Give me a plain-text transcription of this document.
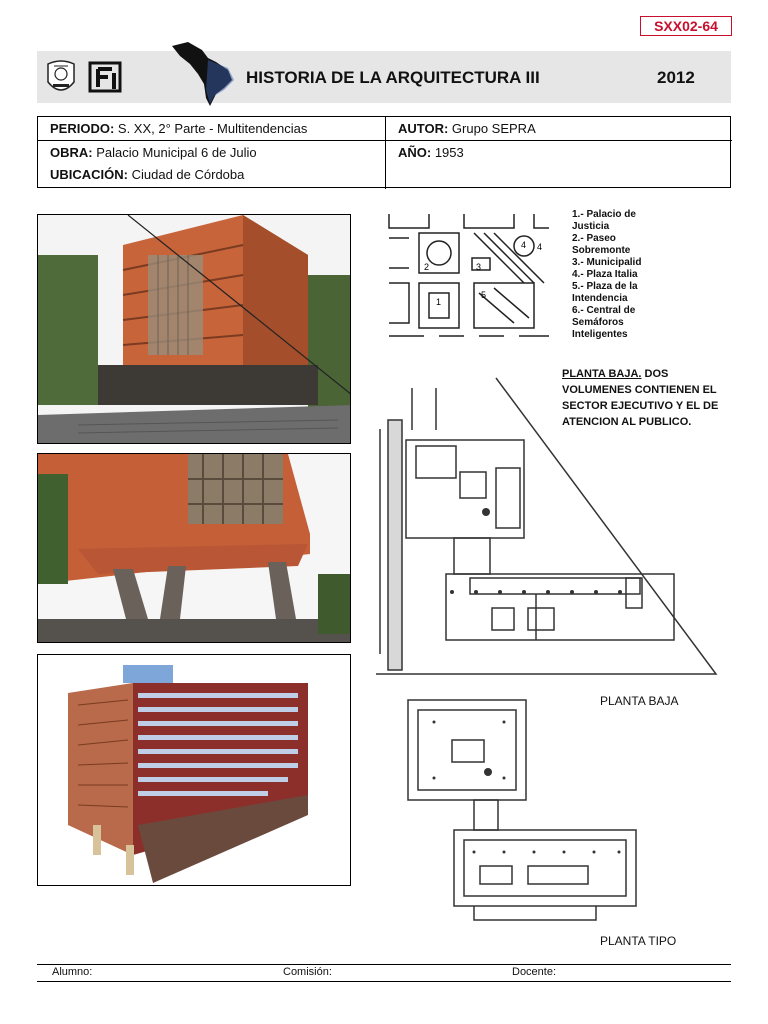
SXX02-64
HISTORIA DE LA ARQUITECTURA III	2012
PERIODO: S. XX, 2° Parte - Multitendencias	AUTOR: Grupo SEPRA
OBRA: Palacio Municipal 6 de Julio	AÑO: 1953
UBICACIÓN: Ciudad de Córdoba
2	3
4 4
1
5
1.- Palacio de
Justicia
2.- Paseo
Sobremonte
3.- Municipalid
4.- Plaza Italia
5.- Plaza de la
Intendencia
6.- Central de
Semáforos
Inteligentes
PLANTA BAJA. DOS
VOLUMENES CONTIENEN EL
SECTOR EJECUTIVO Y EL DE
ATENCION AL PUBLICO.
PLANTA BAJA
PLANTA TIPO
Alumno:	Comisión:	Docente:
